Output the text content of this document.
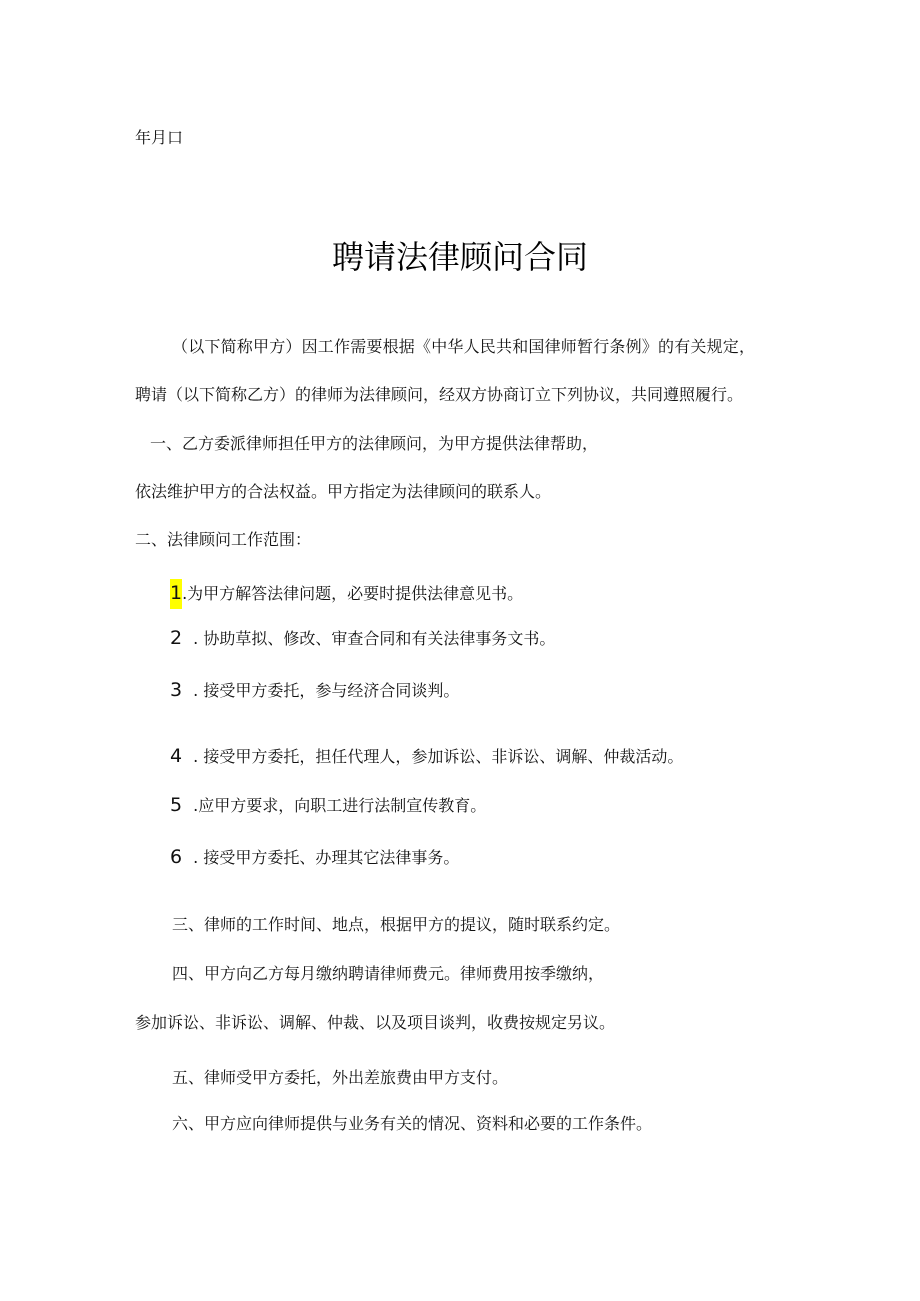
年月口
聘请法律顾问合同
（以下简称甲方）因工作需要根据《中华人民共和国律师暂行条例》的有关规定，
聘请（以下简称乙方）的律师为法律顾问，经双方协商订立下列协议，共同遵照履行。
一、乙方委派律师担任甲方的法律顾问，为甲方提供法律帮助，
依法维护甲方的合法权益。甲方指定为法律顾问的联系人。
二、法律顾问工作范围：
1.为甲方解答法律问题，必要时提供法律意见书。
2 . 协助草拟、修改、审查合同和有关法律事务文书。
3 . 接受甲方委托，参与经济合同谈判。
4 . 接受甲方委托，担任代理人，参加诉讼、非诉讼、调解、仲裁活动。
5 .应甲方要求，向职工进行法制宣传教育。
6 . 接受甲方委托、办理其它法律事务。
三、律师的工作时间、地点，根据甲方的提议，随时联系约定。
四、甲方向乙方每月缴纳聘请律师费元。律师费用按季缴纳，
参加诉讼、非诉讼、调解、仲裁、以及项目谈判，收费按规定另议。
五、律师受甲方委托，外出差旅费由甲方支付。
六、甲方应向律师提供与业务有关的情况、资料和必要的工作条件。
